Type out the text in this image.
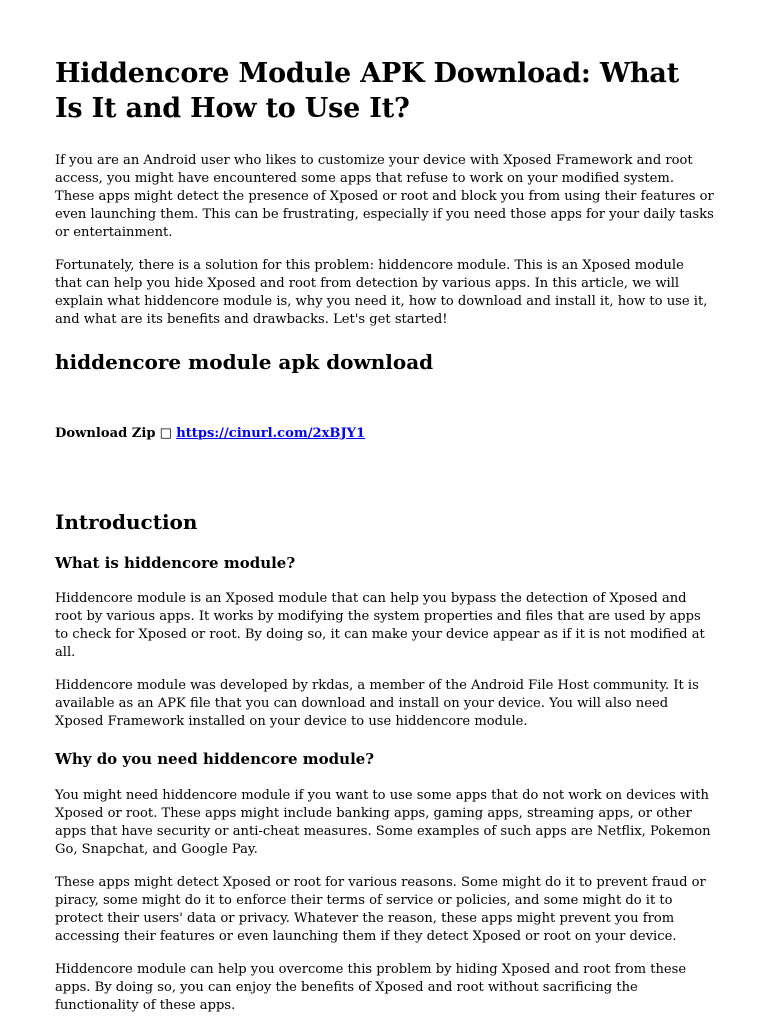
Hiddencore Module APK Download: What Is It and How to Use It?

If you are an Android user who likes to customize your device with Xposed Framework and root access, you might have encountered some apps that refuse to work on your modified system. These apps might detect the presence of Xposed or root and block you from using their features or even launching them. This can be frustrating, especially if you need those apps for your daily tasks or entertainment.

Fortunately, there is a solution for this problem: hiddencore module. This is an Xposed module that can help you hide Xposed and root from detection by various apps. In this article, we will explain what hiddencore module is, why you need it, how to download and install it, how to use it, and what are its benefits and drawbacks. Let's get started!

hiddencore module apk download
Download Zip □ https://cinurl.com/2xBJY1
Introduction
What is hiddencore module?

Hiddencore module is an Xposed module that can help you bypass the detection of Xposed and root by various apps. It works by modifying the system properties and files that are used by apps to check for Xposed or root. By doing so, it can make your device appear as if it is not modified at all.

Hiddencore module was developed by rkdas, a member of the Android File Host community. It is available as an APK file that you can download and install on your device. You will also need Xposed Framework installed on your device to use hiddencore module.

Why do you need hiddencore module?

You might need hiddencore module if you want to use some apps that do not work on devices with Xposed or root. These apps might include banking apps, gaming apps, streaming apps, or other apps that have security or anti-cheat measures. Some examples of such apps are Netflix, Pokemon Go, Snapchat, and Google Pay.

These apps might detect Xposed or root for various reasons. Some might do it to prevent fraud or piracy, some might do it to enforce their terms of service or policies, and some might do it to protect their users' data or privacy. Whatever the reason, these apps might prevent you from accessing their features or even launching them if they detect Xposed or root on your device.

Hiddencore module can help you overcome this problem by hiding Xposed and root from these apps. By doing so, you can enjoy the benefits of Xposed and root without sacrificing the functionality of these apps.
